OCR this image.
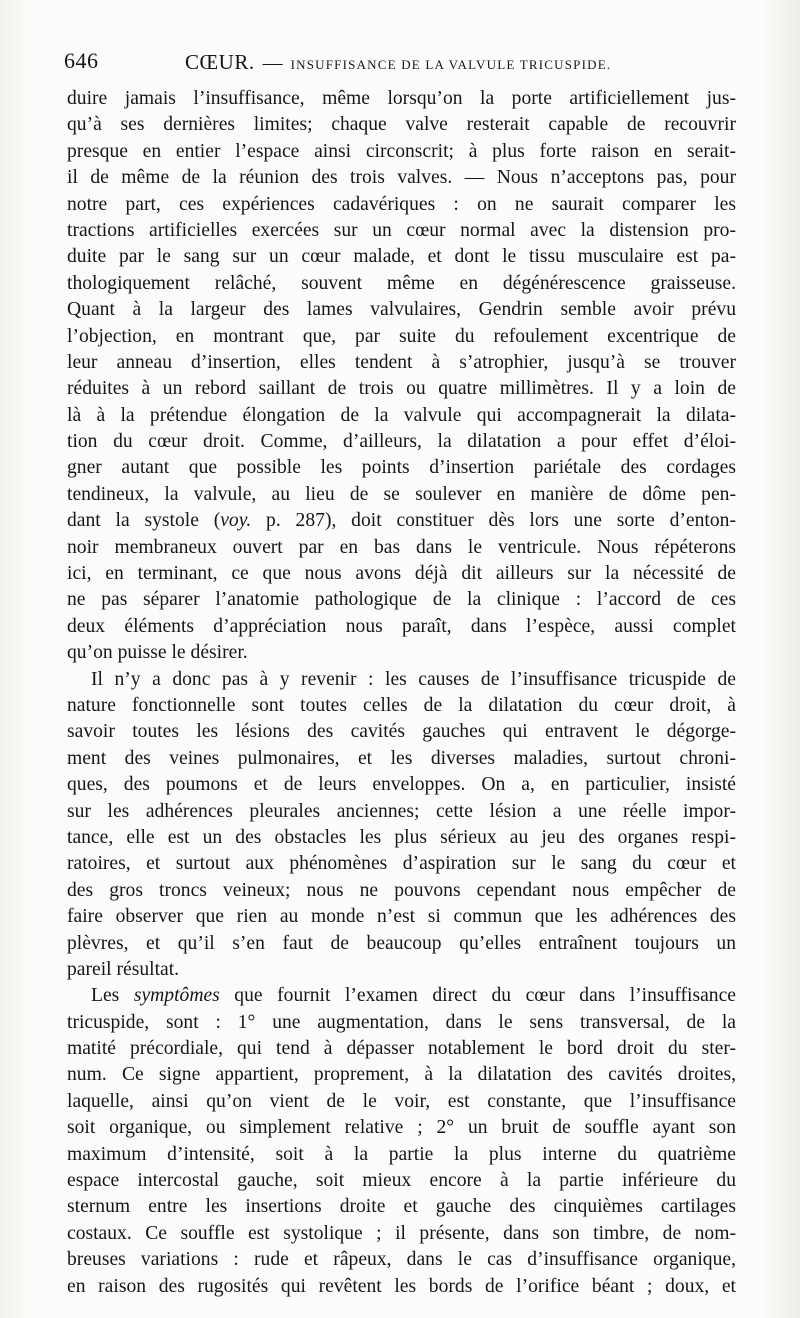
646	CŒUR. — INSUFFISANCE DE LA VALVULE TRICUSPIDE.
duire jamais l’insuffisance, même lorsqu’on la porte artificiellement jus-
qu’à ses dernières limites; chaque valve resterait capable de recouvrir
presque en entier l’espace ainsi circonscrit; à plus forte raison en serait-
il de même de la réunion des trois valves. — Nous n’acceptons pas, pour
notre part, ces expériences cadavériques : on ne saurait comparer les
tractions artificielles exercées sur un cœur normal avec la distension pro-
duite par le sang sur un cœur malade, et dont le tissu musculaire est pa-
thologiquement relâché, souvent même en dégénérescence graisseuse.
Quant à la largeur des lames valvulaires, Gendrin semble avoir prévu
l’objection, en montrant que, par suite du refoulement excentrique de
leur anneau d’insertion, elles tendent à s’atrophier, jusqu’à se trouver
réduites à un rebord saillant de trois ou quatre millimètres. Il y a loin de
là à la prétendue élongation de la valvule qui accompagnerait la dilata-
tion du cœur droit. Comme, d’ailleurs, la dilatation a pour effet d’éloi-
gner autant que possible les points d’insertion pariétale des cordages
tendineux, la valvule, au lieu de se soulever en manière de dôme pen-
dant la systole (voy. p. 287), doit constituer dès lors une sorte d’enton-
noir membraneux ouvert par en bas dans le ventricule. Nous répéterons
ici, en terminant, ce que nous avons déjà dit ailleurs sur la nécessité de
ne pas séparer l’anatomie pathologique de la clinique : l’accord de ces
deux éléments d’appréciation nous paraît, dans l’espèce, aussi complet
qu’on puisse le désirer.
Il n’y a donc pas à y revenir : les causes de l’insuffisance tricuspide de
nature fonctionnelle sont toutes celles de la dilatation du cœur droit, à
savoir toutes les lésions des cavités gauches qui entravent le dégorge-
ment des veines pulmonaires, et les diverses maladies, surtout chroni-
ques, des poumons et de leurs enveloppes. On a, en particulier, insisté
sur les adhérences pleurales anciennes; cette lésion a une réelle impor-
tance, elle est un des obstacles les plus sérieux au jeu des organes respi-
ratoires, et surtout aux phénomènes d’aspiration sur le sang du cœur et
des gros troncs veineux; nous ne pouvons cependant nous empêcher de
faire observer que rien au monde n’est si commun que les adhérences des
plèvres, et qu’il s’en faut de beaucoup qu’elles entraînent toujours un
pareil résultat.
Les symptômes que fournit l’examen direct du cœur dans l’insuffisance
tricuspide, sont : 1° une augmentation, dans le sens transversal, de la
matité précordiale, qui tend à dépasser notablement le bord droit du ster-
num. Ce signe appartient, proprement, à la dilatation des cavités droites,
laquelle, ainsi qu’on vient de le voir, est constante, que l’insuffisance
soit organique, ou simplement relative ; 2° un bruit de souffle ayant son
maximum d’intensité, soit à la partie la plus interne du quatrième
espace intercostal gauche, soit mieux encore à la partie inférieure du
sternum entre les insertions droite et gauche des cinquièmes cartilages
costaux. Ce souffle est systolique ; il présente, dans son timbre, de nom-
breuses variations : rude et râpeux, dans le cas d’insuffisance organique,
en raison des rugosités qui revêtent les bords de l’orifice béant ; doux, et
